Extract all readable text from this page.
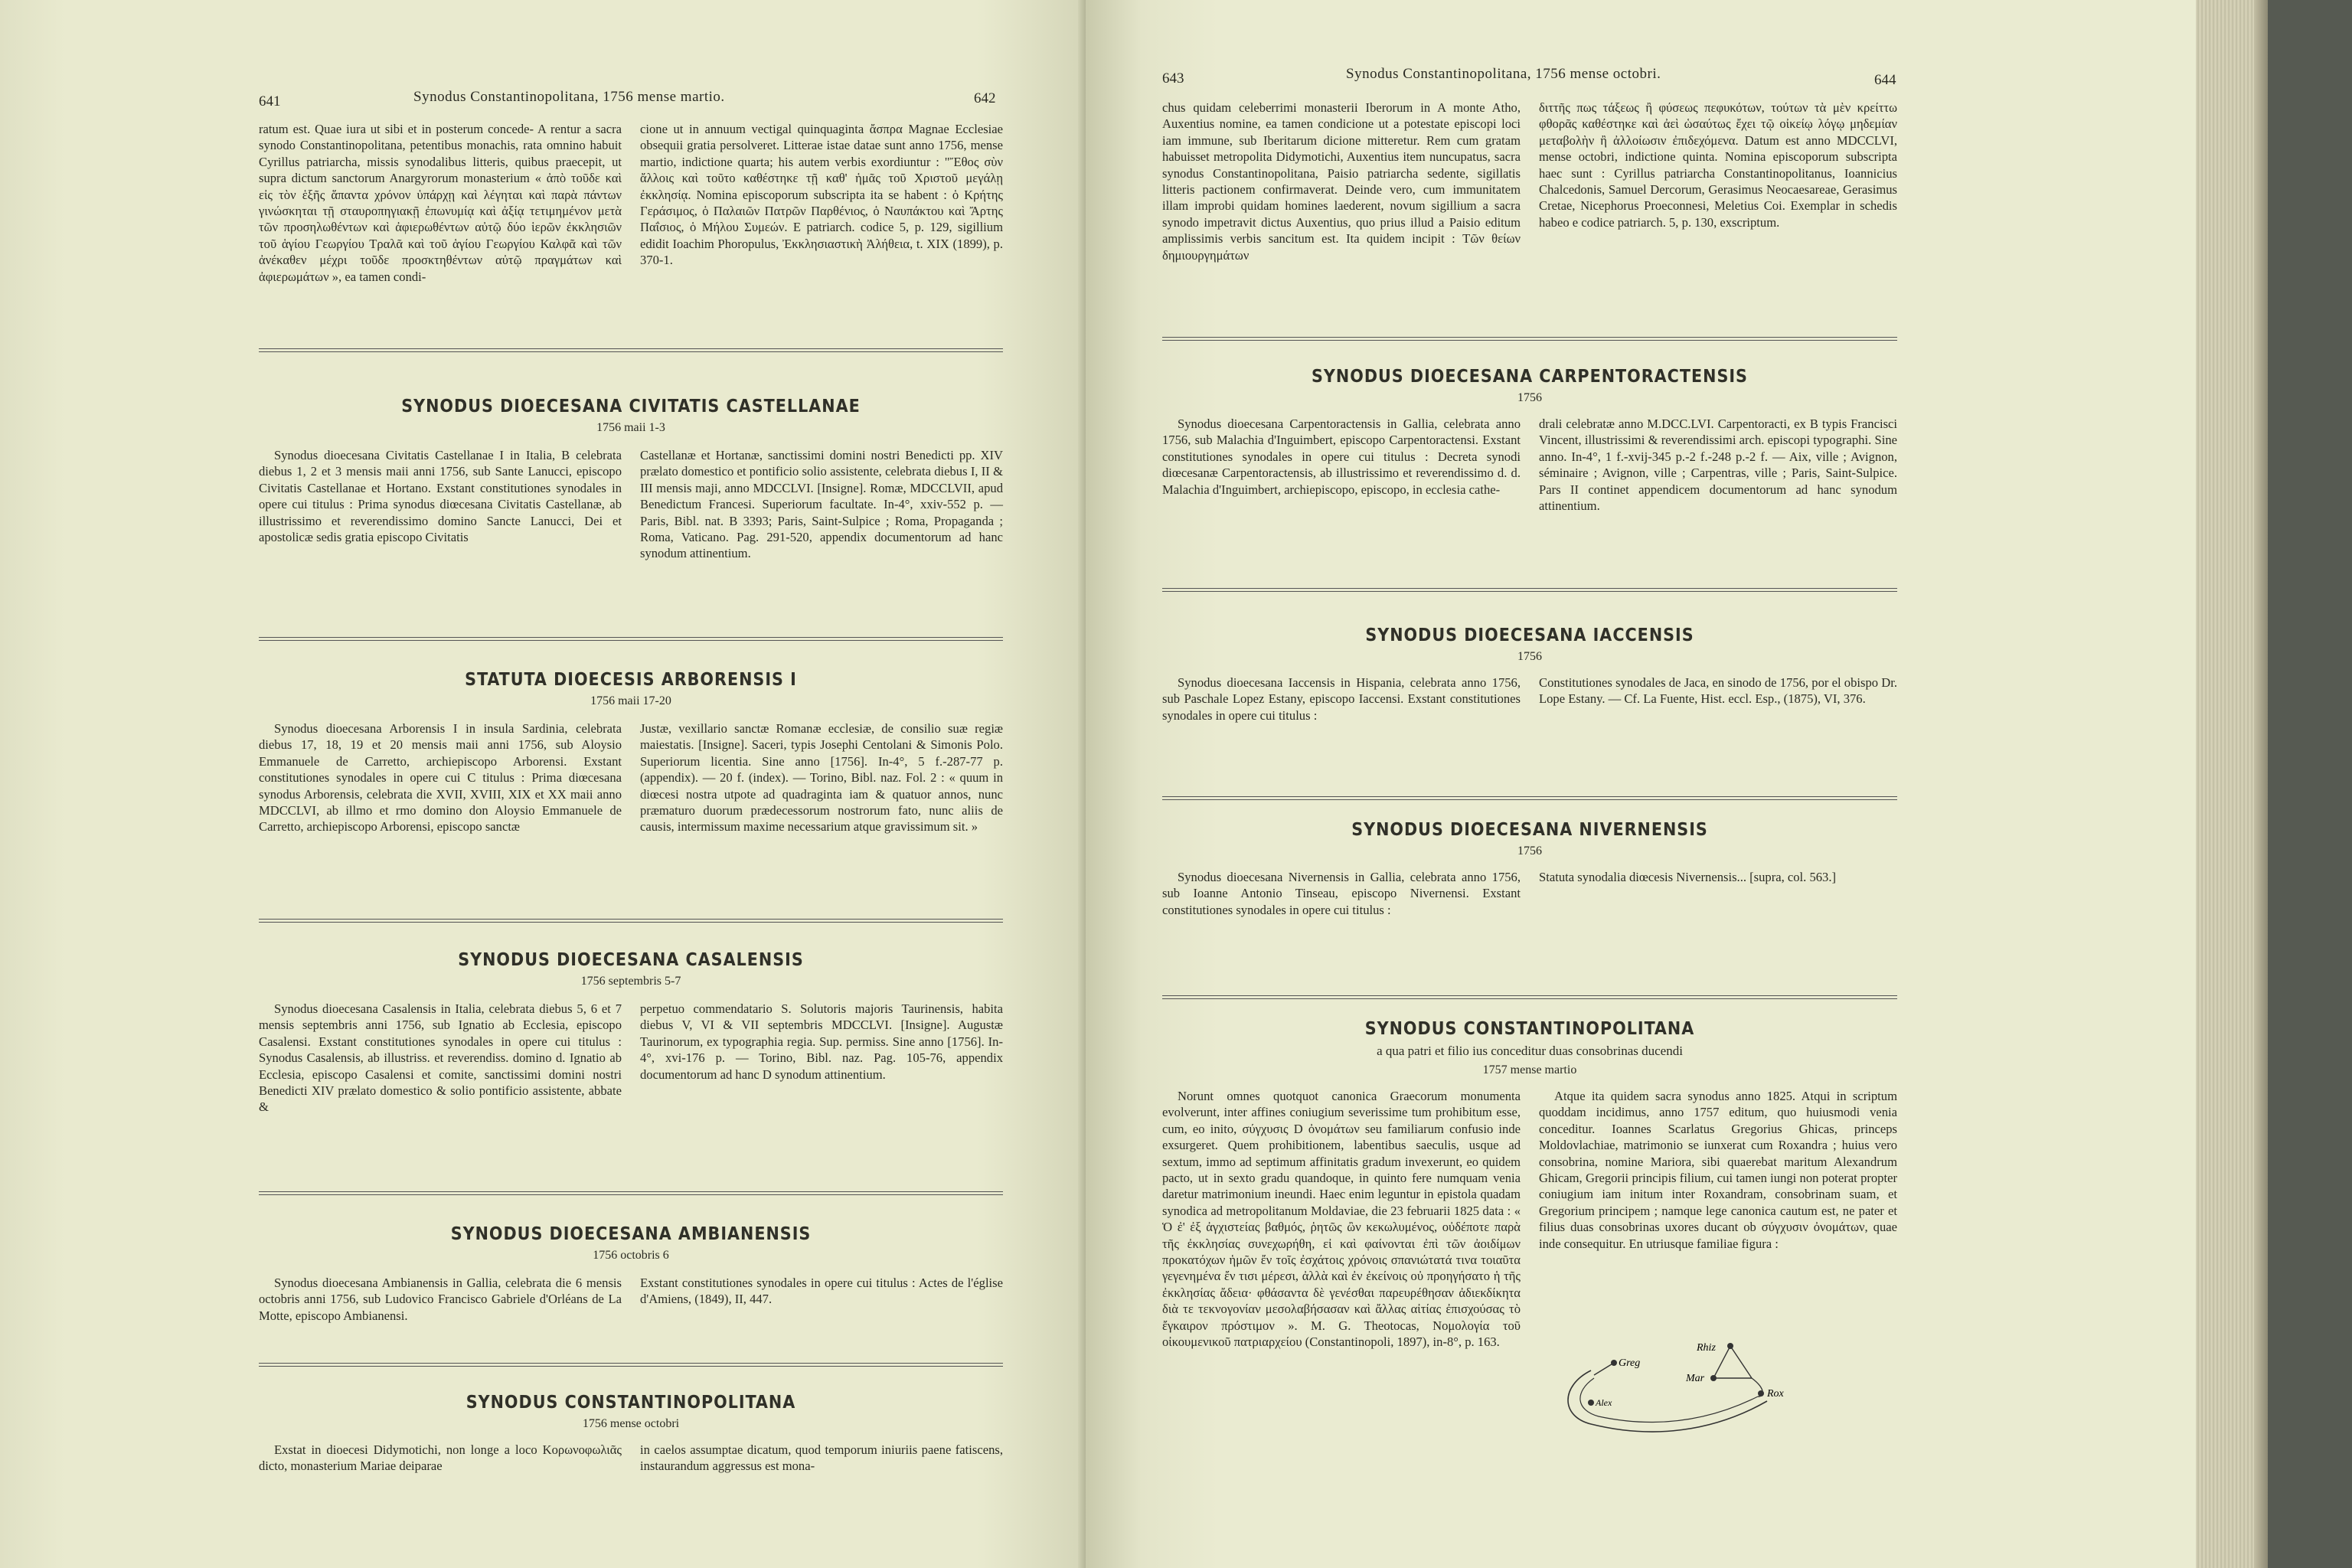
641	Synodus Constantinopolitana, 1756 mense martio.	642

ratum est. Quae iura ut sibi et in posterum concede- A rentur a sacra synodo Constantinopolitana, petentibus monachis, rata omnino habuit Cyrillus patriarcha, missis synodalibus litteris, quibus praecepit, ut supra dictum sanctorum Anargyrorum monasterium « ἀπὸ τοῦδε καὶ εἰς τὸν ἑξῆς ἅπαντα χρόνον ὑπάρχῃ καὶ λέγηται καὶ παρὰ πάντων γινώσκηται τῇ σταυροπηγιακῇ ἐπωνυμίᾳ καὶ ἀξίᾳ τετιμημένον μετὰ τῶν προσηλωθέντων καὶ ἀφιερωθέντων αὐτῷ δύο ἱερῶν ἐκκλησιῶν τοῦ ἁγίου Γεωργίου Τραλᾶ καὶ τοῦ ἁγίου Γεωργίου Καλφᾶ καὶ τῶν ἀνέκαθεν μέχρι τοῦδε προσκτηθέντων αὐτῷ πραγμάτων καὶ ἀφιερωμάτων », ea tamen condi-

cione ut in annuum vectigal quinquaginta ἄσπρα Magnae Ecclesiae obsequii gratia persolveret. Litterae istae datae sunt anno 1756, mense martio, indictione quarta; his autem verbis exordiuntur : "Ἔθος σὺν ἄλλοις καὶ τοῦτο καθέστηκε τῇ καθ' ἡμᾶς τοῦ Χριστοῦ μεγάλῃ ἐκκλησίᾳ. Nomina episcoporum subscripta ita se habent : ὁ Κρήτης Γεράσιμος, ὁ Παλαιῶν Πατρῶν Παρθένιος, ὁ Ναυπάκτου καὶ Ἄρτης Παΐσιος, ὁ Μήλου Συμεών. E patriarch. codice 5, p. 129, sigillium edidit Ioachim Phoropulus, Ἐκκλησιαστικὴ Ἀλήθεια, t. XIX (1899), p. 370-1.

SYNODUS DIOECESANA CIVITATIS CASTELLANAE
1756 maii 1-3

Synodus dioecesana Civitatis Castellanae I in Italia, B celebrata diebus 1, 2 et 3 mensis maii anni 1756, sub Sante Lanucci, episcopo Civitatis Castellanae et Hortano. Exstant constitutiones synodales in opere cui titulus : Prima synodus diœcesana Civitatis Castellanæ, ab illustrissimo et reverendissimo domino Sancte Lanucci, Dei et apostolicæ sedis gratia episcopo Civitatis

Castellanæ et Hortanæ, sanctissimi domini nostri Benedicti pp. XIV prælato domestico et pontificio solio assistente, celebrata diebus I, II & III mensis maji, anno MDCCLVI. [Insigne]. Romæ, MDCCLVII, apud Benedictum Francesi. Superiorum facultate. In-4°, xxiv-552 p. — Paris, Bibl. nat. B 3393; Paris, Saint-Sulpice ; Roma, Propaganda ; Roma, Vaticano. Pag. 291-520, appendix documentorum ad hanc synodum attinentium.

STATUTA DIOECESIS ARBORENSIS I
1756 maii 17-20

Synodus dioecesana Arborensis I in insula Sardinia, celebrata diebus 17, 18, 19 et 20 mensis maii anni 1756, sub Aloysio Emmanuele de Carretto, archiepiscopo Arborensi. Exstant constitutiones synodales in opere cui C titulus : Prima diœcesana synodus Arborensis, celebrata die XVII, XVIII, XIX et XX maii anno MDCCLVI, ab illmo et rmo domino don Aloysio Emmanuele de Carretto, archiepiscopo Arborensi, episcopo sanctæ

Justæ, vexillario sanctæ Romanæ ecclesiæ, de consilio suæ regiæ maiestatis. [Insigne]. Saceri, typis Josephi Centolani & Simonis Polo. Superiorum licentia. Sine anno [1756]. In-4°, 5 f.-287-77 p. (appendix). — 20 f. (index). — Torino, Bibl. naz. Fol. 2 : « quum in diœcesi nostra utpote ad quadraginta iam & quatuor annos, nunc præmaturo duorum prædecessorum nostrorum fato, nunc aliis de causis, intermissum maxime necessarium atque gravissimum sit. »

SYNODUS DIOECESANA CASALENSIS
1756 septembris 5-7

Synodus dioecesana Casalensis in Italia, celebrata diebus 5, 6 et 7 mensis septembris anni 1756, sub Ignatio ab Ecclesia, episcopo Casalensi. Exstant constitutiones synodales in opere cui titulus : Synodus Casalensis, ab illustriss. et reverendiss. domino d. Ignatio ab Ecclesia, episcopo Casalensi et comite, sanctissimi domini nostri Benedicti XIV prælato domestico & solio pontificio assistente, abbate &

perpetuo commendatario S. Solutoris majoris Taurinensis, habita diebus V, VI & VII septembris MDCCLVI. [Insigne]. Augustæ Taurinorum, ex typographia regia. Sup. permiss. Sine anno [1756]. In-4°, xvi-176 p. — Torino, Bibl. naz. Pag. 105-76, appendix documentorum ad hanc D synodum attinentium.

SYNODUS DIOECESANA AMBIANENSIS
1756 octobris 6

Synodus dioecesana Ambianensis in Gallia, celebrata die 6 mensis octobris anni 1756, sub Ludovico Francisco Gabriele d'Orléans de La Motte, episcopo Ambianensi.

Exstant constitutiones synodales in opere cui titulus : Actes de l'église d'Amiens, (1849), II, 447.

SYNODUS CONSTANTINOPOLITANA
1756 mense octobri

Exstat in dioecesi Didymotichi, non longe a loco Κορωνοφωλιᾶς dicto, monasterium Mariae deiparae

in caelos assumptae dicatum, quod temporum iniuriis paene fatiscens, instaurandum aggressus est mona-

643	Synodus Constantinopolitana, 1756 mense octobri.	644

chus quidam celeberrimi monasterii Iberorum in A monte Atho, Auxentius nomine, ea tamen condicione ut a potestate episcopi loci iam immune, sub Iberitarum dicione mitteretur. Rem cum gratam habuisset metropolita Didymotichi, Auxentius item nuncupatus, sacra synodus Constantinopolitana, Paisio patriarcha sedente, sigillatis litteris pactionem confirmaverat. Deinde vero, cum immunitatem illam improbi quidam homines laederent, novum sigillium a sacra synodo impetravit dictus Auxentius, quo prius illud a Paisio editum amplissimis verbis sancitum est. Ita quidem incipit : Τῶν θείων δημιουργημάτων

διττῆς πως τάξεως ἢ φύσεως πεφυκότων, τούτων τὰ μὲν κρείττω φθορᾶς καθέστηκε καὶ ἀεὶ ὡσαύτως ἔχει τῷ οἰκείῳ λόγῳ μηδεμίαν μεταβολὴν ἢ ἀλλοίωσιν ἐπιδεχόμενα. Datum est anno MDCCLVI, mense octobri, indictione quinta. Nomina episcoporum subscripta haec sunt : Cyrillus patriarcha Constantinopolitanus, Ioannicius Chalcedonis, Samuel Dercorum, Gerasimus Neocaesareae, Gerasimus Cretae, Nicephorus Proeconnesi, Meletius Coi. Exemplar in schedis habeo e codice patriarch. 5, p. 130, exscriptum.

SYNODUS DIOECESANA CARPENTORACTENSIS
1756

Synodus dioecesana Carpentoractensis in Gallia, celebrata anno 1756, sub Malachia d'Inguimbert, episcopo Carpentoractensi. Exstant constitutiones synodales in opere cui titulus : Decreta synodi diœcesanæ Carpentoractensis, ab illustrissimo et reverendissimo d. d. Malachia d'Inguimbert, archiepiscopo, episcopo, in ecclesia cathe-

drali celebratæ anno M.DCC.LVI. Carpentoracti, ex B typis Francisci Vincent, illustrissimi & reverendissimi arch. episcopi typographi. Sine anno. In-4°, 1 f.-xvij-345 p.-2 f.-248 p.-2 f. — Aix, ville ; Avignon, séminaire ; Avignon, ville ; Carpentras, ville ; Paris, Saint-Sulpice. Pars II continet appendicem documentorum ad hanc synodum attinentium.

SYNODUS DIOECESANA IACCENSIS
1756

Synodus dioecesana Iaccensis in Hispania, celebrata anno 1756, sub Paschale Lopez Estany, episcopo Iaccensi. Exstant constitutiones synodales in opere cui titulus :

Constitutiones synodales de Jaca, en sinodo de 1756, por el obispo Dr. Lope Estany. — Cf. La Fuente, Hist. eccl. Esp., (1875), VI, 376.

SYNODUS DIOECESANA NIVERNENSIS
1756

Synodus dioecesana Nivernensis in Gallia, celebrata anno 1756, sub Ioanne Antonio Tinseau, episcopo Nivernensi. Exstant constitutiones synodales in opere cui titulus :

Statuta synodalia diœcesis Nivernensis... [supra, col. 563.]

SYNODUS CONSTANTINOPOLITANA
a qua patri et filio ius conceditur duas consobrinas ducendi
1757 mense martio

Norunt omnes quotquot canonica Graecorum monumenta evolverunt, inter affines coniugium severissime tum prohibitum esse, cum, eo inito, σύγχυσις D ὀνομάτων seu familiarum confusio inde exsurgeret. Quem prohibitionem, labentibus saeculis, usque ad sextum, immo ad septimum affinitatis gradum invexerunt, eo quidem pacto, ut in sexto gradu quandoque, in quinto fere numquam venia daretur matrimonium ineundi. Haec enim leguntur in epistola quadam synodica ad metropolitanum Moldaviae, die 23 februarii 1825 data : « Ὁ ἐ' ἐξ ἀγχιστείας βαθμός, ῥητῶς ὢν κεκωλυμένος, οὐδέποτε παρὰ τῆς ἐκκλησίας συνεχωρήθη, εἰ καὶ φαίνονται ἐπὶ τῶν ἀοιδίμων προκατόχων ἡμῶν ἔν τοῖς ἐσχάτοις χρόνοις σπανιώτατά τινα τοιαῦτα γεγενημένα ἔν τισι μέρεσι, ἀλλὰ καὶ ἐν ἐκείνοις οὐ προηγήσατο ἡ τῆς ἐκκλησίας ἄδεια· φθάσαντα δὲ γενέσθαι παρευρέθησαν ἀδιεκδίκητα διὰ τε τεκνογονίαν μεσολαβήσασαν καὶ ἄλλας αἰτίας ἐπισχούσας τὸ ἔγκαιρον πρόστιμον ». M. G. Theotocas, Νομολογία τοῦ οἰκουμενικοῦ πατριαρχείου (Constantinopoli, 1897), in-8°, p. 163.

Atque ita quidem sacra synodus anno 1825. Atqui in scriptum quoddam incidimus, anno 1757 editum, quo huiusmodi venia conceditur. Ioannes Scarlatus Gregorius Ghicas, princeps Moldovlachiae, matrimonio se iunxerat cum Roxandra ; huius vero consobrina, nomine Mariora, sibi quaerebat maritum Alexandrum Ghicam, Gregorii principis filium, cui tamen iungi non poterat propter coniugium iam initum inter Roxandram, consobrinam suam, et Gregorium principem ; namque lege canonica cautum est, ne pater et filius duas consobrinas uxores ducant ob σύγχυσιν ὀνομάτων, quae inde consequitur. En utriusque familiae figura :

Greg
Alex
Rhiz
Mar
Rox
